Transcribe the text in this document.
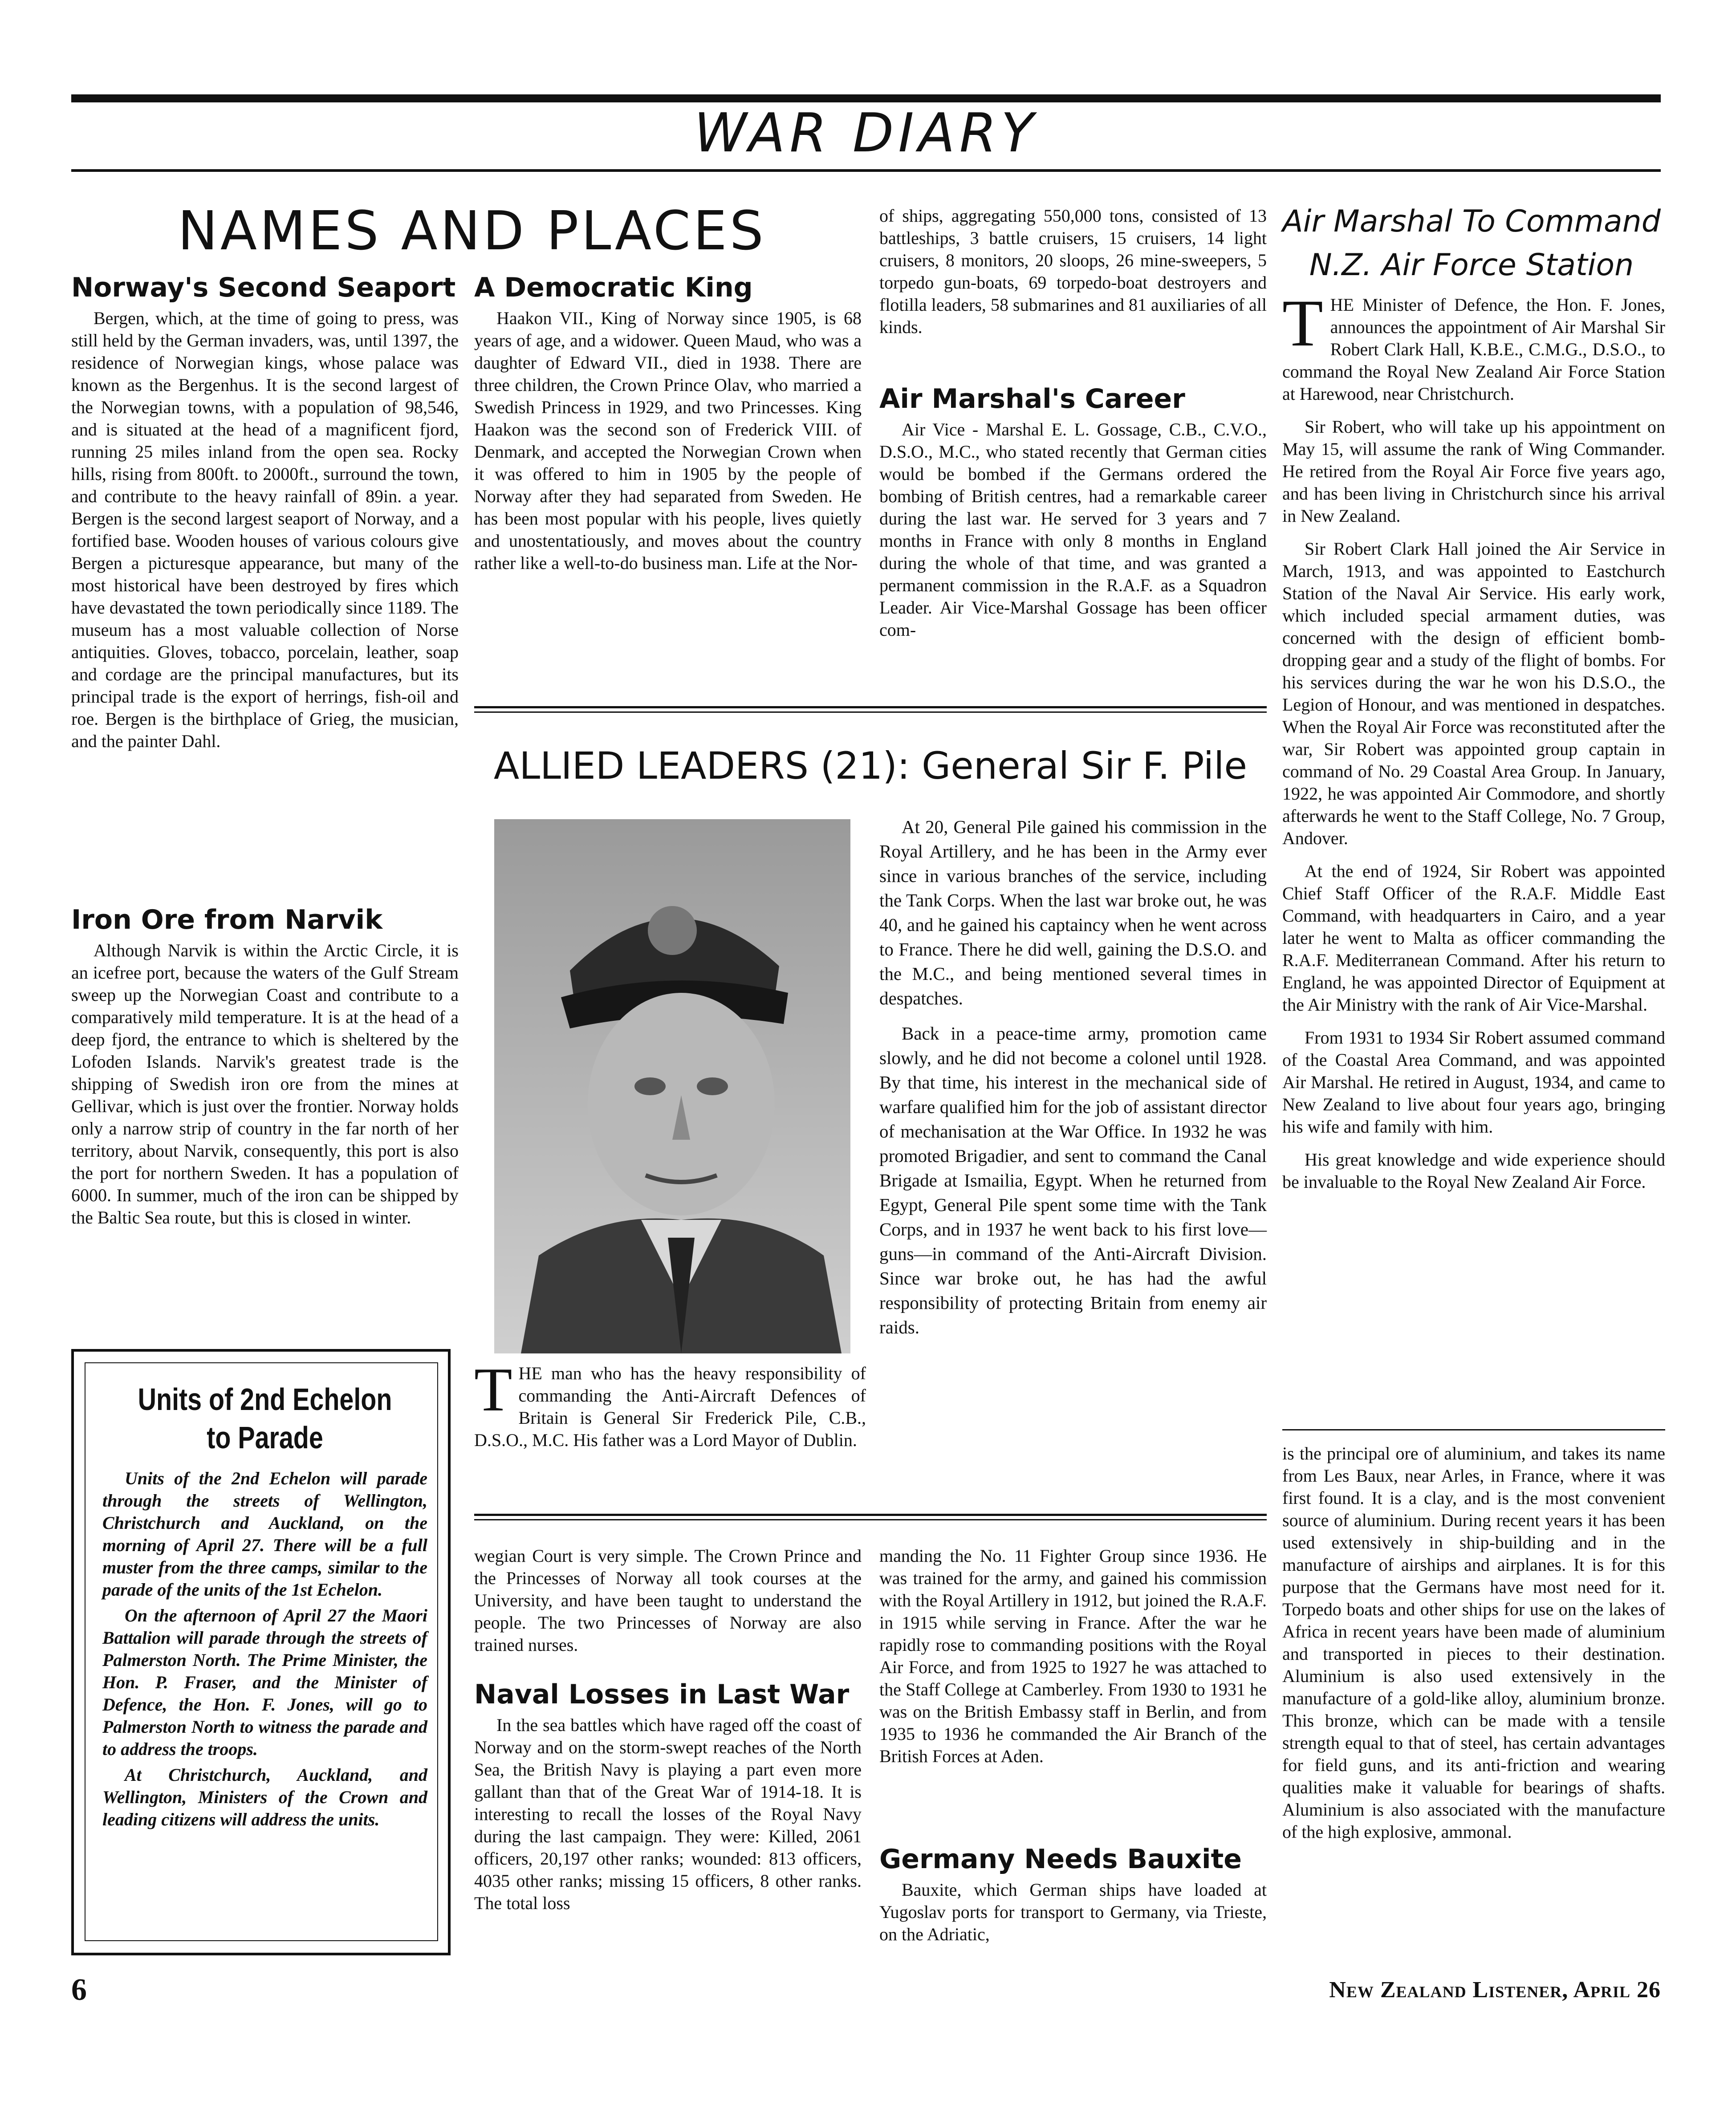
WAR DIARY
NAMES AND PLACES
Norway's Second Seaport

Bergen, which, at the time of going to press, was still held by the German invaders, was, until 1397, the residence of Norwegian kings, whose palace was known as the Bergenhus. It is the second largest of the Norwegian towns, with a population of 98,546, and is situated at the head of a magnificent fjord, running 25 miles inland from the open sea. Rocky hills, rising from 800ft. to 2000ft., surround the town, and contribute to the heavy rainfall of 89in. a year. Bergen is the second largest seaport of Norway, and a fortified base. Wooden houses of various colours give Bergen a picturesque appearance, but many of the most historical have been destroyed by fires which have devastated the town periodically since 1189. The museum has a most valuable collection of Norse antiquities. Gloves, tobacco, porcelain, leather, soap and cordage are the principal manufactures, but its principal trade is the export of herrings, fish-oil and roe. Bergen is the birthplace of Grieg, the musician, and the painter Dahl.

Iron Ore from Narvik

Although Narvik is within the Arctic Circle, it is an icefree port, because the waters of the Gulf Stream sweep up the Norwegian Coast and contribute to a comparatively mild temperature. It is at the head of a deep fjord, the entrance to which is sheltered by the Lofoden Islands. Narvik's greatest trade is the shipping of Swedish iron ore from the mines at Gellivar, which is just over the frontier. Norway holds only a narrow strip of country in the far north of her territory, about Narvik, consequently, this port is also the port for northern Sweden. It has a population of 6000. In summer, much of the iron can be shipped by the Baltic Sea route, but this is closed in winter.

Units of 2nd Echelon
to Parade

Units of the 2nd Echelon will parade through the streets of Wellington, Christchurch and Auckland, on the morning of April 27. There will be a full muster from the three camps, similar to the parade of the units of the 1st Echelon.

On the afternoon of April 27 the Maori Battalion will parade through the streets of Palmerston North. The Prime Minister, the Hon. P. Fraser, and the Minister of Defence, the Hon. F. Jones, will go to Palmerston North to witness the parade and to address the troops.

At Christchurch, Auckland, and Wellington, Ministers of the Crown and leading citizens will address the units.

A Democratic King

Haakon VII., King of Norway since 1905, is 68 years of age, and a widower. Queen Maud, who was a daughter of Edward VII., died in 1938. There are three children, the Crown Prince Olav, who married a Swedish Princess in 1929, and two Princesses. King Haakon was the second son of Frederick VIII. of Denmark, and accepted the Norwegian Crown when it was offered to him in 1905 by the people of Norway after they had separated from Sweden. He has been most popular with his people, lives quietly and unostentatiously, and moves about the country rather like a well-to-do business man. Life at the Nor-

of ships, aggregating 550,000 tons, consisted of 13 battleships, 3 battle cruisers, 15 cruisers, 14 light cruisers, 8 monitors, 20 sloops, 26 mine-sweepers, 5 torpedo gun-boats, 69 torpedo-boat destroyers and flotilla leaders, 58 submarines and 81 auxiliaries of all kinds.
Air Marshal's Career

Air Vice - Marshal E. L. Gossage, C.B., C.V.O., D.S.O., M.C., who stated recently that German cities would be bombed if the Germans ordered the bombing of British centres, had a remarkable career during the last war. He served for 3 years and 7 months in France with only 8 months in England during the whole of that time, and was granted a permanent commission in the R.A.F. as a Squadron Leader. Air Vice-Marshal Gossage has been officer com-

ALLIED LEADERS (21): General Sir F. Pile
T HE man who has the heavy responsibility of commanding the Anti-Aircraft Defences of Britain is General Sir Frederick Pile, C.B., D.S.O., M.C. His father was a Lord Mayor of Dublin.

At 20, General Pile gained his commission in the Royal Artillery, and he has been in the Army ever since in various branches of the service, including the Tank Corps. When the last war broke out, he was 40, and he gained his captaincy when he went across to France. There he did well, gaining the D.S.O. and the M.C., and being mentioned several times in despatches.

Back in a peace-time army, promotion came slowly, and he did not become a colonel until 1928. By that time, his interest in the mechanical side of warfare qualified him for the job of assistant director of mechanisation at the War Office. In 1932 he was promoted Brigadier, and sent to command the Canal Brigade at Ismailia, Egypt. When he returned from Egypt, General Pile spent some time with the Tank Corps, and in 1937 he went back to his first love—guns—in command of the Anti-Aircraft Division. Since war broke out, he has had the awful responsibility of protecting Britain from enemy air raids.

wegian Court is very simple. The Crown Prince and the Princesses of Norway all took courses at the University, and have been taught to understand the people. The two Princesses of Norway are also trained nurses.
Naval Losses in Last War

In the sea battles which have raged off the coast of Norway and on the storm-swept reaches of the North Sea, the British Navy is playing a part even more gallant than that of the Great War of 1914-18. It is interesting to recall the losses of the Royal Navy during the last campaign. They were: Killed, 2061 officers, 20,197 other ranks; wounded: 813 officers, 4035 other ranks; missing 15 officers, 8 other ranks. The total loss

manding the No. 11 Fighter Group since 1936. He was trained for the army, and gained his commission with the Royal Artillery in 1912, but joined the R.A.F. in 1915 while serving in France. After the war he rapidly rose to commanding positions with the Royal Air Force, and from 1925 to 1927 he was attached to the Staff College at Camberley. From 1930 to 1931 he was on the British Embassy staff in Berlin, and from 1935 to 1936 he commanded the Air Branch of the British Forces at Aden.
Germany Needs Bauxite

Bauxite, which German ships have loaded at Yugoslav ports for transport to Germany, via Trieste, on the Adriatic,

Air Marshal To Command
N.Z. Air Force Station
T HE Minister of Defence, the Hon. F. Jones, announces the appointment of Air Marshal Sir Robert Clark Hall, K.B.E., C.M.G., D.S.O., to command the Royal New Zealand Air Force Station at Harewood, near Christchurch.

Sir Robert, who will take up his appointment on May 15, will assume the rank of Wing Commander. He retired from the Royal Air Force five years ago, and has been living in Christchurch since his arrival in New Zealand.

Sir Robert Clark Hall joined the Air Service in March, 1913, and was appointed to Eastchurch Station of the Naval Air Service. His early work, which included special armament duties, was concerned with the design of efficient bomb-dropping gear and a study of the flight of bombs. For his services during the war he won his D.S.O., the Legion of Honour, and was mentioned in despatches. When the Royal Air Force was reconstituted after the war, Sir Robert was appointed group captain in command of No. 29 Coastal Area Group. In January, 1922, he was appointed Air Commodore, and shortly afterwards he went to the Staff College, No. 7 Group, Andover.

At the end of 1924, Sir Robert was appointed Chief Staff Officer of the R.A.F. Middle East Command, with headquarters in Cairo, and a year later he went to Malta as officer commanding the R.A.F. Mediterranean Command. After his return to England, he was appointed Director of Equipment at the Air Ministry with the rank of Air Vice-Marshal.

From 1931 to 1934 Sir Robert assumed command of the Coastal Area Command, and was appointed Air Marshal. He retired in August, 1934, and came to New Zealand to live about four years ago, bringing his wife and family with him.

His great knowledge and wide experience should be invaluable to the Royal New Zealand Air Force.

is the principal ore of aluminium, and takes its name from Les Baux, near Arles, in France, where it was first found. It is a clay, and is the most convenient source of aluminium. During recent years it has been used extensively in ship-building and in the manufacture of airships and airplanes. It is for this purpose that the Germans have most need for it. Torpedo boats and other ships for use on the lakes of Africa in recent years have been made of aluminium and transported in pieces to their destination. Aluminium is also used extensively in the manufacture of a gold-like alloy, aluminium bronze. This bronze, which can be made with a tensile strength equal to that of steel, has certain advantages for field guns, and its anti-friction and wearing qualities make it valuable for bearings of shafts. Aluminium is also associated with the manufacture of the high explosive, ammonal.
6	New Zealand Listener, April 26
